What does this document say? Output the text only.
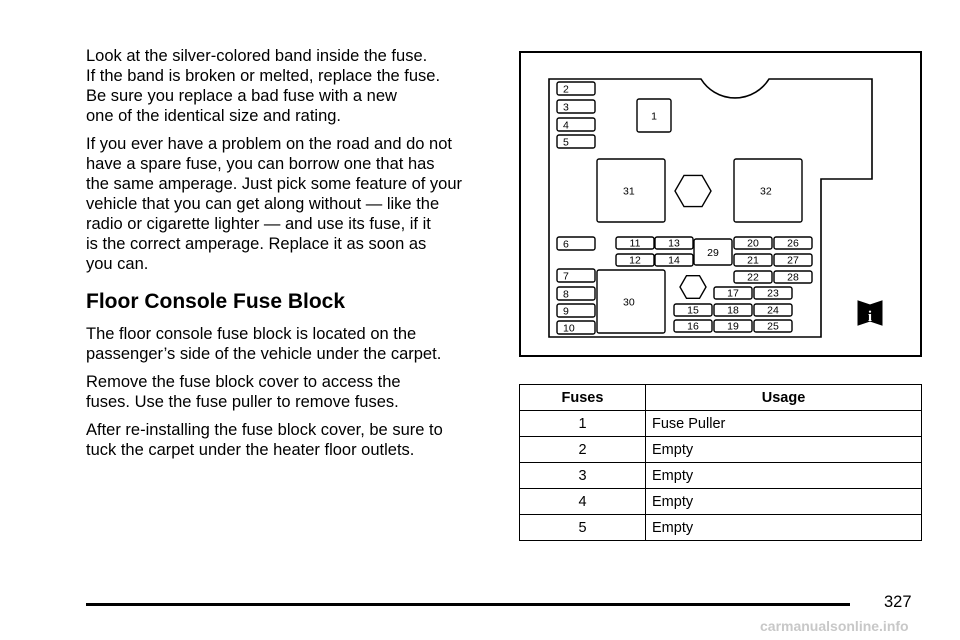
Look at the silver-colored band inside the fuse.
If the band is broken or melted, replace the fuse.
Be sure you replace a bad fuse with a new
one of the identical size and rating.

If you ever have a problem on the road and do not
have a spare fuse, you can borrow one that has
the same amperage. Just pick some feature of your
vehicle that you can get along without — like the
radio or cigarette lighter — and use its fuse, if it
is the correct amperage. Replace it as soon as
you can.

Floor Console Fuse Block

The floor console fuse block is located on the
passenger’s side of the vehicle under the carpet.

Remove the fuse block cover to access the
fuses. Use the fuse puller to remove fuses.

After re-installing the fuse block cover, be sure to
tuck the carpet under the heater floor outlets.

2
3
4
5
1
31	32
6
7
8
9
10
11
12
13
14
29
20
21
22
26
27
28
30
17	23
15	18	24
16	19	25
i
Fuses	Usage
1	Fuse Puller
2	Empty
3	Empty
4	Empty
5	Empty
327
carmanualsonline.info
